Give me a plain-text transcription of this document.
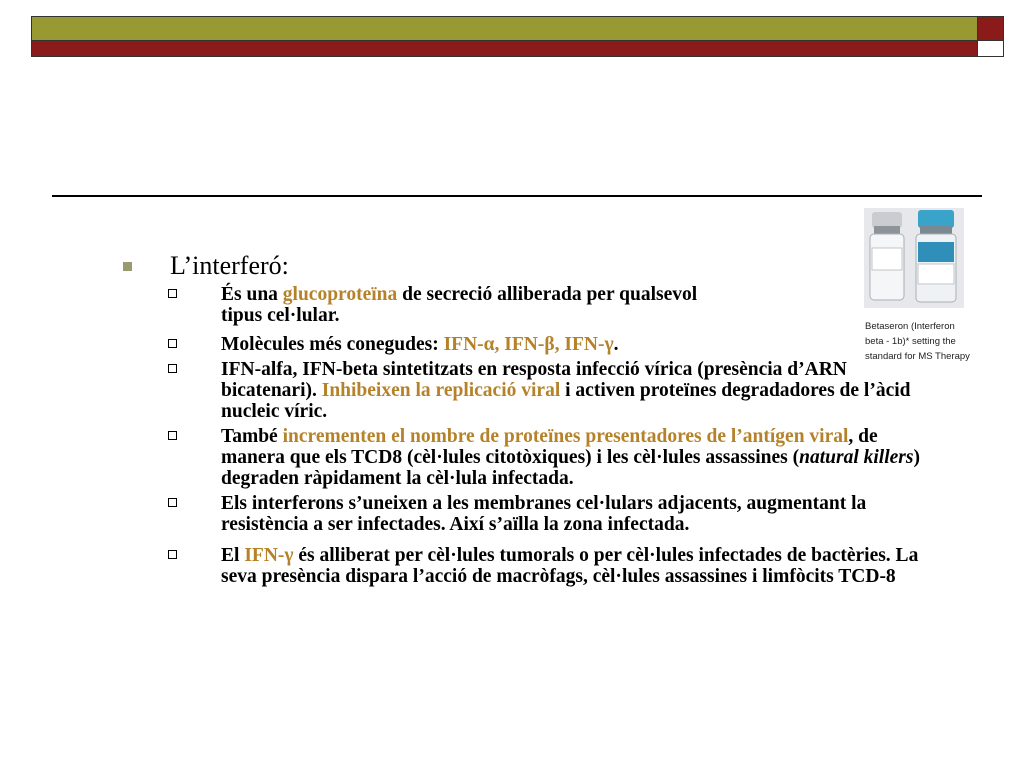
Betaseron (Interferon
beta - 1b)* setting the
standard for MS Therapy
L’interferó:
És una glucoproteïna de secreció alliberada per qualsevol tipus cel·lular.
Molècules més conegudes: IFN-α, IFN-β, IFN-γ.
IFN-alfa, IFN-beta sintetitzats en resposta infecció vírica (presència d’ARN bicatenari). Inhibeixen la replicació viral i activen proteïnes degradadores de l’àcid nucleic víric.
També incrementen el nombre de proteïnes presentadores de l’antígen viral, de manera que els TCD8 (cèl·lules citotòxiques) i les cèl·lules assassines (natural killers) degraden ràpidament la cèl·lula infectada.
Els interferons s’uneixen a les membranes cel·lulars adjacents, augmentant la resistència a ser infectades. Així s’aïlla la zona infectada.
El IFN-γ és alliberat per cèl·lules tumorals o per cèl·lules infectades de bactèries. La seva presència dispara l’acció de macròfags, cèl·lules assassines i limfòcits TCD-8
